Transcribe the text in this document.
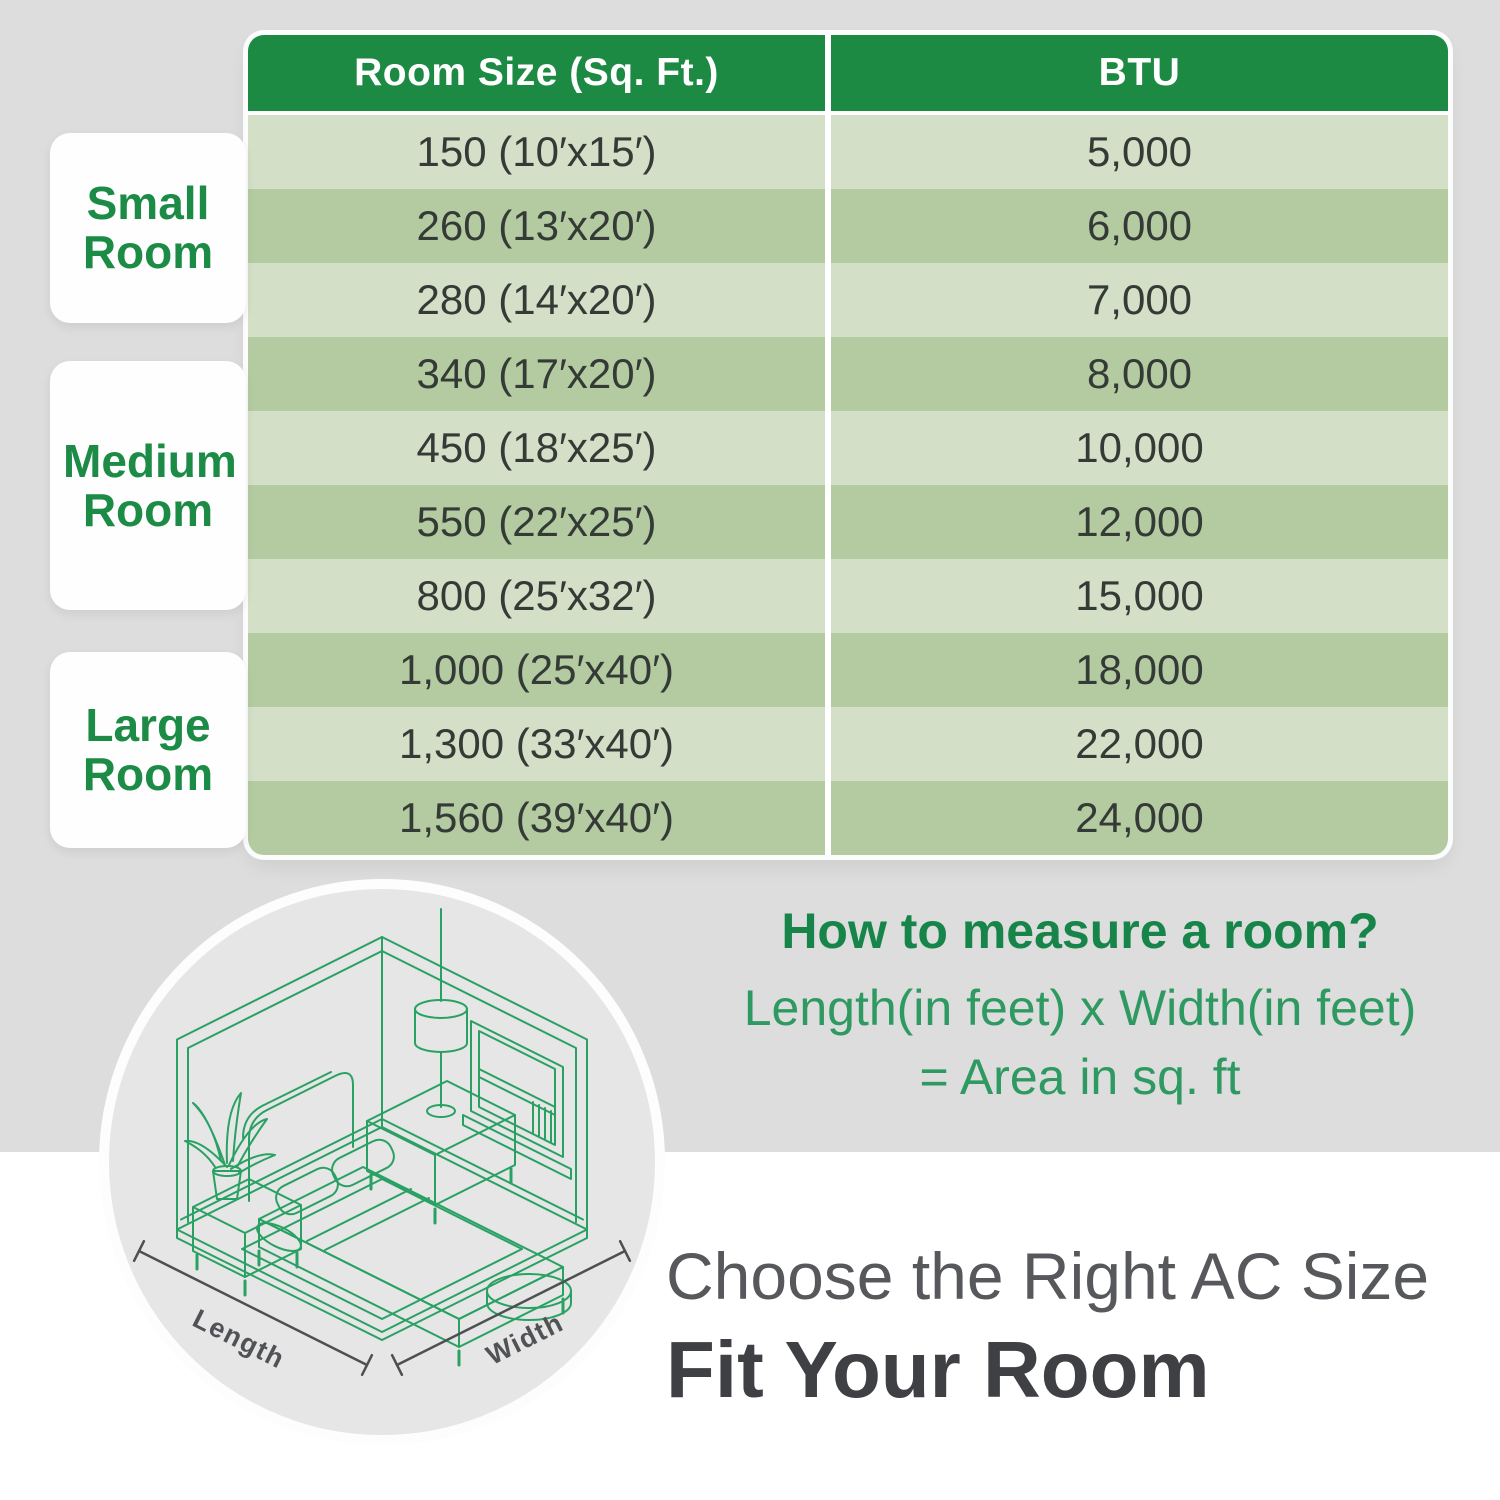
Room Size (Sq. Ft.)	BTU
150 (10′x15′)	5,000
260 (13′x20′)	6,000
280 (14′x20′)	7,000
340 (17′x20′)	8,000
450 (18′x25′)	10,000
550 (22′x25′)	12,000
800 (25′x32′)	15,000
1,000 (25′x40′)	18,000
1,300 (33′x40′)	22,000
1,560 (39′x40′)	24,000
Small Room
Medium Room
Large Room
Length	Width

How to measure a room?

Length(in feet) x Width(in feet)

= Area in sq. ft

Choose the Right AC Size

Fit Your Room
